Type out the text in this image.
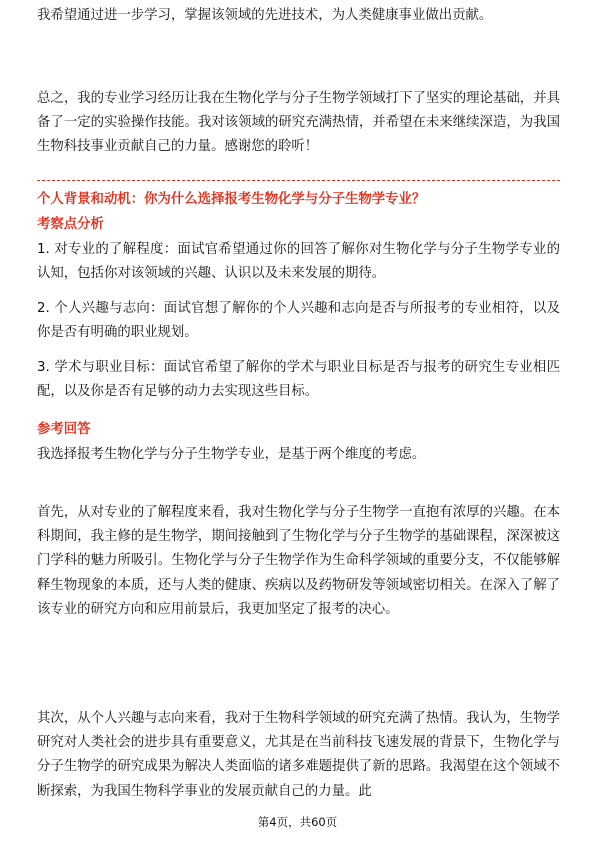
我希望通过进一步学习，掌握该领域的先进技术，为人类健康事业做出贡献。

总之，我的专业学习经历让我在生物化学与分子生物学领域打下了坚实的理论基础，并具备了一定的实验操作技能。我对该领域的研究充满热情，并希望在未来继续深造，为我国生物科技事业贡献自己的力量。感谢您的聆听！

个人背景和动机：你为什么选择报考生物化学与分子生物学专业？

考察点分析

1. 对专业的了解程度：面试官希望通过你的回答了解你对生物化学与分子生物学专业的认知，包括你对该领域的兴趣、认识以及未来发展的期待。

2. 个人兴趣与志向：面试官想了解你的个人兴趣和志向是否与所报考的专业相符，以及你是否有明确的职业规划。

3. 学术与职业目标：面试官希望了解你的学术与职业目标是否与报考的研究生专业相匹配，以及你是否有足够的动力去实现这些目标。

参考回答

我选择报考生物化学与分子生物学专业，是基于两个维度的考虑。

首先，从对专业的了解程度来看，我对生物化学与分子生物学一直抱有浓厚的兴趣。在本科期间，我主修的是生物学，期间接触到了生物化学与分子生物学的基础课程，深深被这门学科的魅力所吸引。生物化学与分子生物学作为生命科学领域的重要分支，不仅能够解释生物现象的本质，还与人类的健康、疾病以及药物研发等领域密切相关。在深入了解了该专业的研究方向和应用前景后，我更加坚定了报考的决心。

其次，从个人兴趣与志向来看，我对于生物科学领域的研究充满了热情。我认为，生物学研究对人类社会的进步具有重要意义，尤其是在当前科技飞速发展的背景下，生物化学与分子生物学的研究成果为解决人类面临的诸多难题提供了新的思路。我渴望在这个领域不断探索，为我国生物科学事业的发展贡献自己的力量。此

第4页，共60页
